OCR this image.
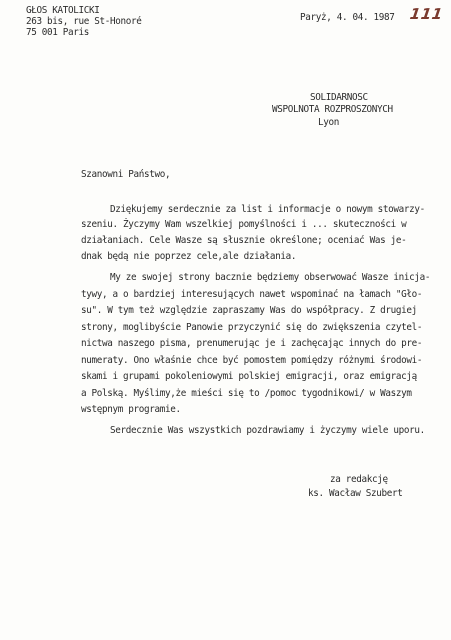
GŁOS KATOLICKI
263 bis, rue St-Honoré
75 001 Paris
Paryż, 4. 04. 1987 111
SOLIDARNOSC
WSPOLNOTA ROZPROSZONYCH
Lyon
Szanowni Państwo,
Dziękujemy serdecznie za list i informacje o nowym stowarzy-
szeniu. Życzymy Wam wszelkiej pomyślności i ... skuteczności w
działaniach. Cele Wasze są słusznie określone; oceniać Was je-
dnak będą nie poprzez cele,ale działania.
My ze swojej strony bacznie będziemy obserwować Wasze inicja-
tywy, a o bardziej interesujących nawet wspominać na łamach "Gło-
su". W tym też względzie zapraszamy Was do współpracy. Z drugiej
strony, moglibyście Panowie przyczynić się do zwiększenia czytel-
nictwa naszego pisma, prenumerując je i zachęcając innych do pre-
numeraty. Ono właśnie chce być pomostem pomiędzy różnymi środowi-
skami i grupami pokoleniowymi polskiej emigracji, oraz emigracją
a Polską. Myślimy,że mieści się to /pomoc tygodnikowi/ w Waszym
wstępnym programie.
Serdecznie Was wszystkich pozdrawiamy i życzymy wiele uporu.
za redakcję
ks. Wacław Szubert
